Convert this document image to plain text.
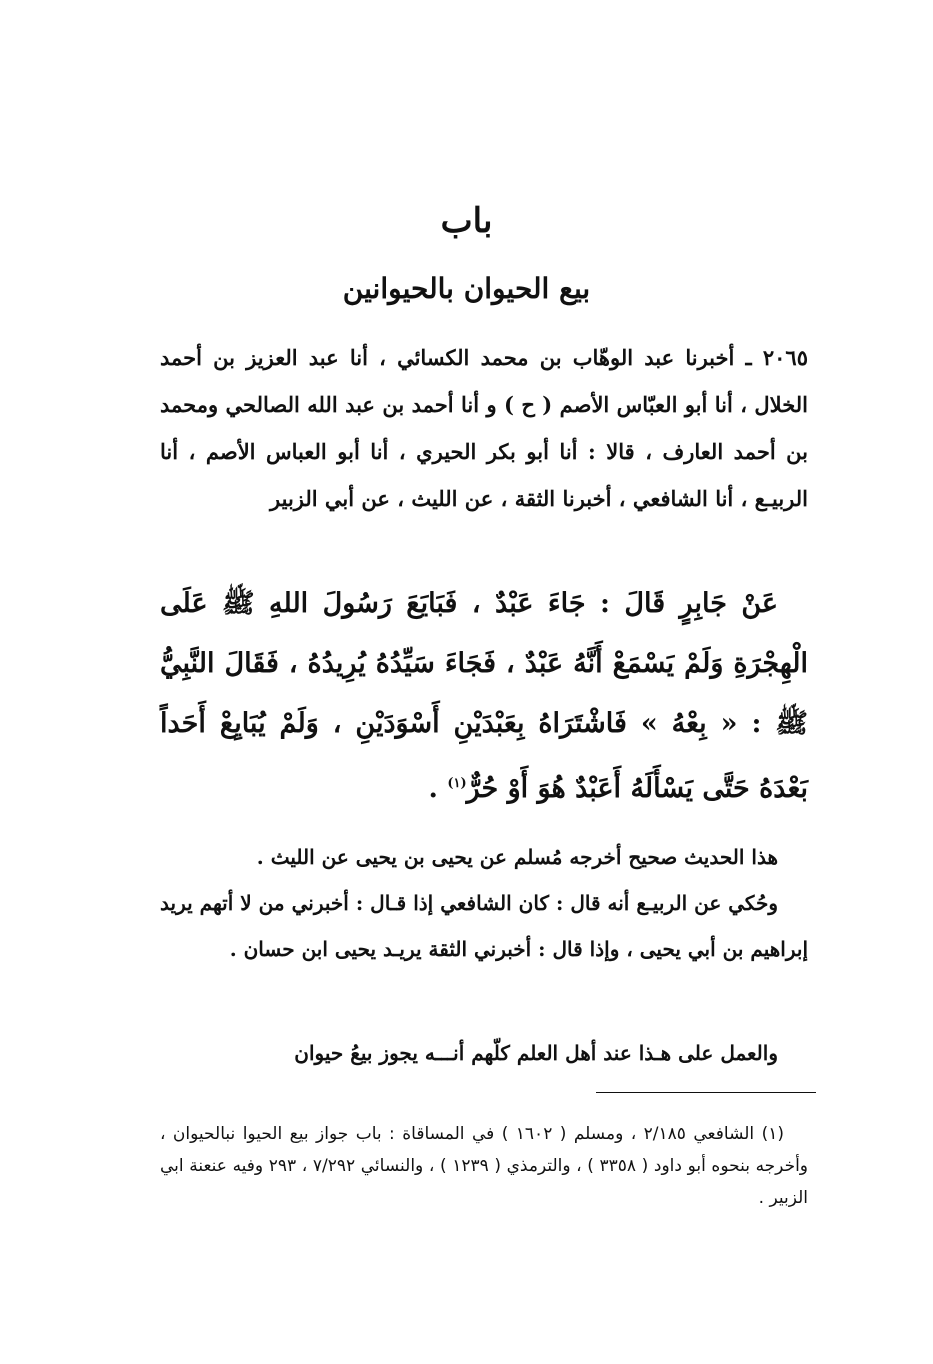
باب
بيع الحيوان بالحيوانين
٢٠٦٥ ـ أخبرنا عبد الوهّاب بن محمد الكسائي ، أنا عبد العزيز بن أحمد الخلال ، أنا أبو العبّاس الأصم ( ح ) و أنا أحمد بن عبد الله الصالحي ومحمد بن أحمد العارف ، قالا : أنا أبو بكر الحيري ، أنا أبو العباس الأصم ، أنا الربيـع ، أنا الشافعي ، أخبرنا الثقة ، عن الليث ، عن أبي الزبير
عَنْ جَابِرٍ قَالَ : جَاءَ عَبْدٌ ، فَبَايَعَ رَسُولَ اللهِ ﷺ عَلَى الْهِجْرَةِ وَلَمْ يَسْمَعْ أَنَّهُ عَبْدٌ ، فَجَاءَ سَيِّدُهُ يُرِيدُهُ ، فَقَالَ النَّبِيُّ ﷺ : « بِعْهُ » فَاشْتَرَاهُ بِعَبْدَيْنِ أَسْوَدَيْنِ ، وَلَمْ يُبَايِعْ أَحَداً بَعْدَهُ حَتَّى يَسْأَلَهُ أَعَبْدٌ هُوَ أَوْ حُرٌّ$^{(١)}$ .

هذا الحديث صحيح أخرجه مُسلم عن يحيى بن يحيى عن الليث .

وحُكي عن الربيـع أنه قال : كان الشافعي إذا قـال : أخبرني من لا أتهم يريد إبراهيم بن أبي يحيى ، وإذا قال : أخبرني الثقة يريـد يحيى ابن حسان .

والعمل على هـذا عند أهل العلم كلّهم أنـــه يجوز بيعُ حيوان

(١) الشافعي ٢/١٨٥ ، ومسلم ( ١٦٠٢ ) في المساقاة : باب جواز بيع الحيوا نبالحيوان ، وأخرجه بنحوه أبو داود ( ٣٣٥٨ ) ، والترمذي ( ١٢٣٩ ) ، والنسائي ٧/٢٩٢ ، ٢٩٣ وفيه عنعنة ابي الزبير .
